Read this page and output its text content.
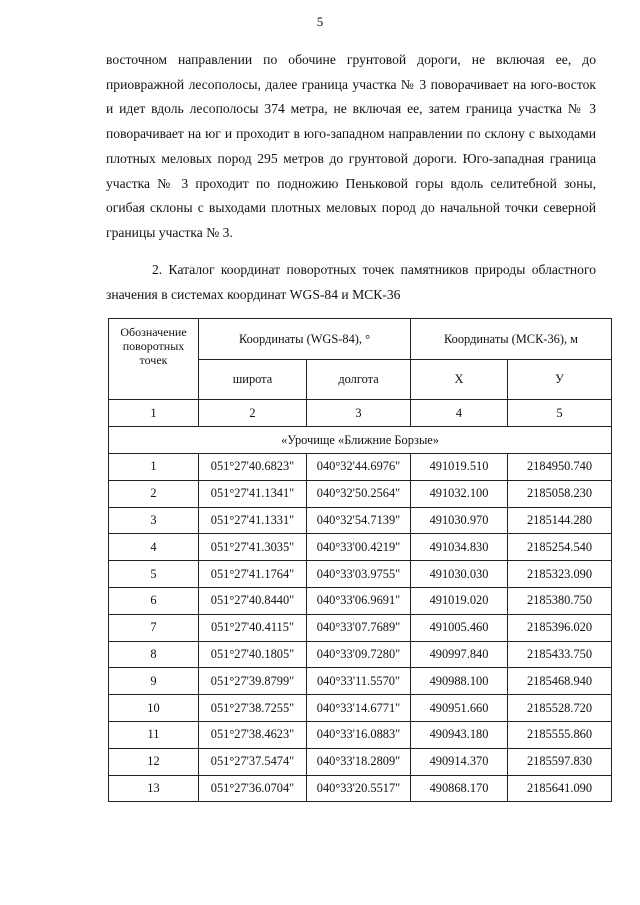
5
восточном направлении по обочине грунтовой дороги, не включая ее, до приовражной лесополосы, далее граница участка № 3 поворачивает на юго-восток и идет вдоль лесополосы 374 метра, не включая ее, затем граница участка № 3 поворачивает на юг и проходит в юго-западном направлении по склону с выходами плотных меловых пород 295 метров до грунтовой дороги. Юго-западная граница участка № 3 проходит по подножию Пеньковой горы вдоль селитебной зоны, огибая склоны с выходами плотных меловых пород до начальной точки северной границы участка № 3.
2. Каталог координат поворотных точек памятников природы областного значения в системах координат WGS-84 и МСК-36
Обозначение поворотных точек	Координаты (WGS-84), °		Координаты (МСК-36), м	
	широта	долгота	X	У
1	2	3	4	5
«Урочище «Ближние Борзые»				
1	051°27'40.6823"	040°32'44.6976"	491019.510	2184950.740
2	051°27'41.1341"	040°32'50.2564"	491032.100	2185058.230
3	051°27'41.1331"	040°32'54.7139"	491030.970	2185144.280
4	051°27'41.3035"	040°33'00.4219"	491034.830	2185254.540
5	051°27'41.1764"	040°33'03.9755"	491030.030	2185323.090
6	051°27'40.8440"	040°33'06.9691"	491019.020	2185380.750
7	051°27'40.4115"	040°33'07.7689"	491005.460	2185396.020
8	051°27'40.1805"	040°33'09.7280"	490997.840	2185433.750
9	051°27'39.8799"	040°33'11.5570"	490988.100	2185468.940
10	051°27'38.7255"	040°33'14.6771"	490951.660	2185528.720
11	051°27'38.4623"	040°33'16.0883"	490943.180	2185555.860
12	051°27'37.5474"	040°33'18.2809"	490914.370	2185597.830
13	051°27'36.0704"	040°33'20.5517"	490868.170	2185641.090
